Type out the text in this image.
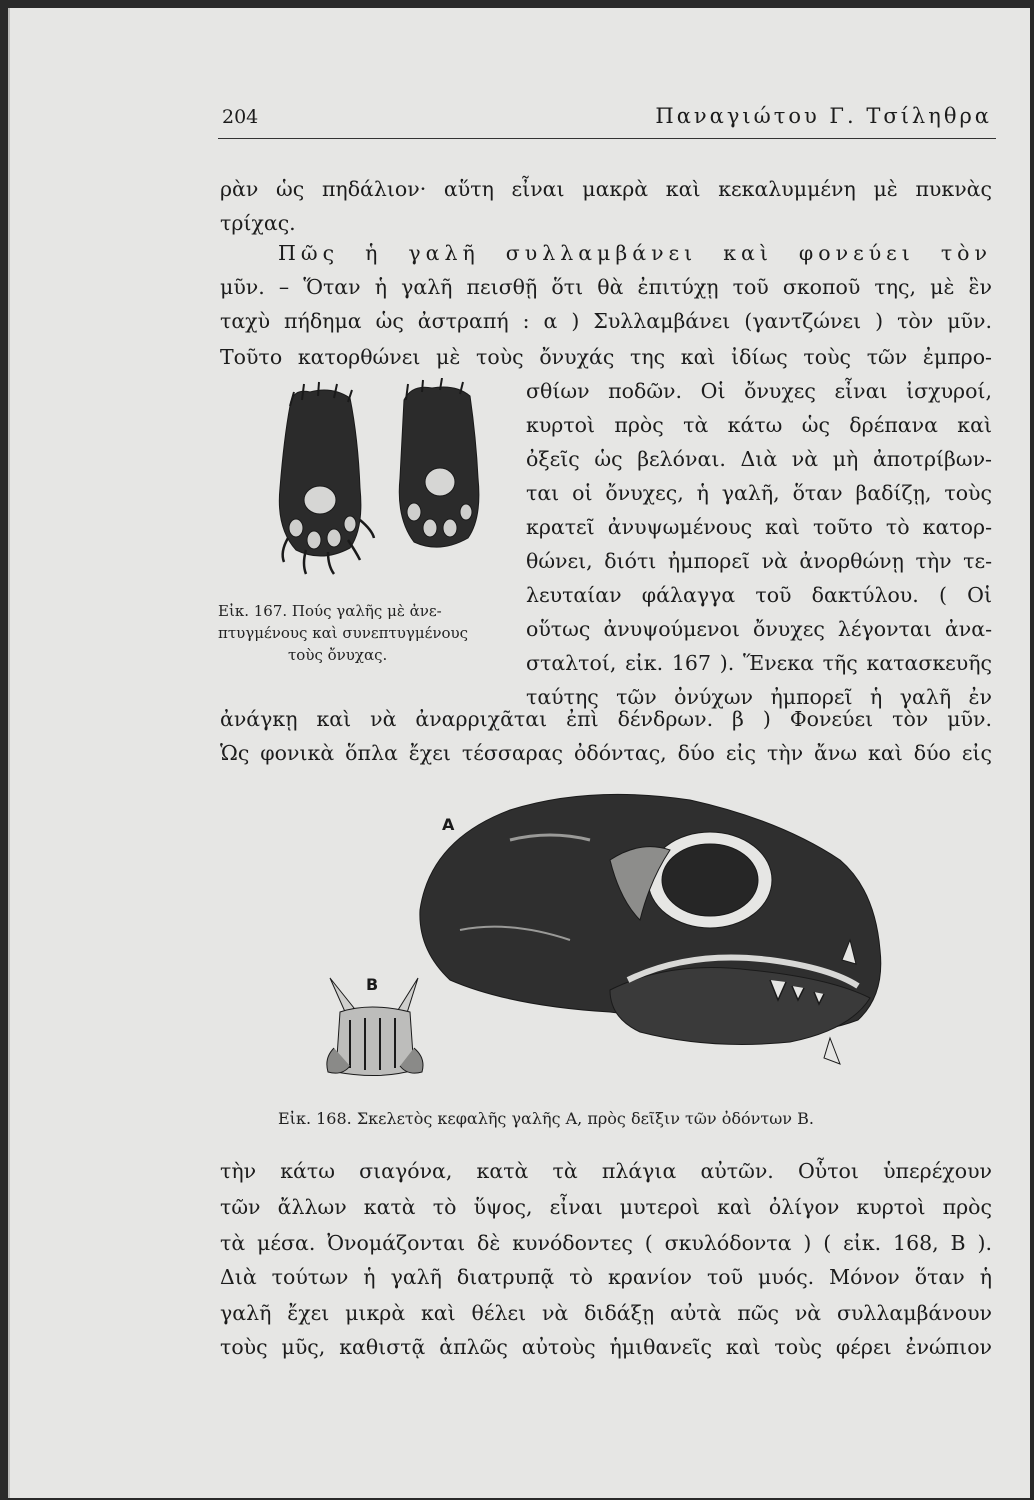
204	Παναγιώτου Γ. Τσίληθρα
ρὰν ὡς πηδάλιον· αὕτη εἶναι μακρὰ καὶ κεκαλυμμένη μὲ πυκνὰς
τρίχας.
Πῶς ἡ γαλῆ συλλαμβάνει καὶ φονεύει τὸν
μῦν. – Ὅταν ἡ γαλῆ πεισθῇ ὅτι θὰ ἐπιτύχῃ τοῦ σκοποῦ της, μὲ ἓν
ταχὺ πήδημα ὡς ἀστραπή : α ) Συλλαμβάνει (γαντζώνει ) τὸν μῦν.
Τοῦτο κατορθώνει μὲ τοὺς ὄνυχάς της καὶ ἰδίως τοὺς τῶν ἐμπρο-
σθίων ποδῶν. Οἱ ὄνυχες εἶναι ἰσχυροί,
κυρτοὶ πρὸς τὰ κάτω ὡς δρέπανα καὶ
ὀξεῖς ὡς βελόναι. Διὰ νὰ μὴ ἀποτρίβων-
ται οἱ ὄνυχες, ἡ γαλῆ, ὅταν βαδίζῃ, τοὺς
κρατεῖ ἀνυψωμένους καὶ τοῦτο τὸ κατορ-
θώνει, διότι ἠμπορεῖ νὰ ἀνορθώνῃ τὴν τε-
λευταίαν φάλαγγα τοῦ δακτύλου. ( Οἱ
οὕτως ἀνυψούμενοι ὄνυχες λέγονται ἀνα-
σταλτοί, εἰκ. 167 ). Ἕνεκα τῆς κατασκευῆς
ταύτης τῶν ὀνύχων ἠμπορεῖ ἡ γαλῆ ἐν
Εἰκ. 167. Πούς γαλῆς μὲ ἀνε-
πτυγμένους καὶ συνεπτυγμένους
τοὺς ὄνυχας.
ἀνάγκῃ καὶ νὰ ἀναρριχᾶται ἐπὶ δένδρων. β ) Φονεύει τὸν μῦν.
Ὡς φονικὰ ὅπλα ἔχει τέσσαρας ὀδόντας, δύο εἰς τὴν ἄνω καὶ δύο εἰς
Α
Β
Εἰκ. 168. Σκελετὸς κεφαλῆς γαλῆς Α, πρὸς δεῖξιν τῶν ὀδόντων Β.
τὴν κάτω σιαγόνα, κατὰ τὰ πλάγια αὐτῶν. Οὗτοι ὑπερέχουν
τῶν ἄλλων κατὰ τὸ ὕψος, εἶναι μυτεροὶ καὶ ὀλίγον κυρτοὶ πρὸς
τὰ μέσα. Ὀνομάζονται δὲ κυνόδοντες ( σκυλόδοντα ) ( εἰκ. 168, Β ).
Διὰ τούτων ἡ γαλῆ διατρυπᾷ τὸ κρανίον τοῦ μυός. Μόνον ὅταν ἡ
γαλῆ ἔχει μικρὰ καὶ θέλει νὰ διδάξῃ αὐτὰ πῶς νὰ συλλαμβάνουν
τοὺς μῦς, καθιστᾷ ἁπλῶς αὐτοὺς ἡμιθανεῖς καὶ τοὺς φέρει ἐνώπιον
